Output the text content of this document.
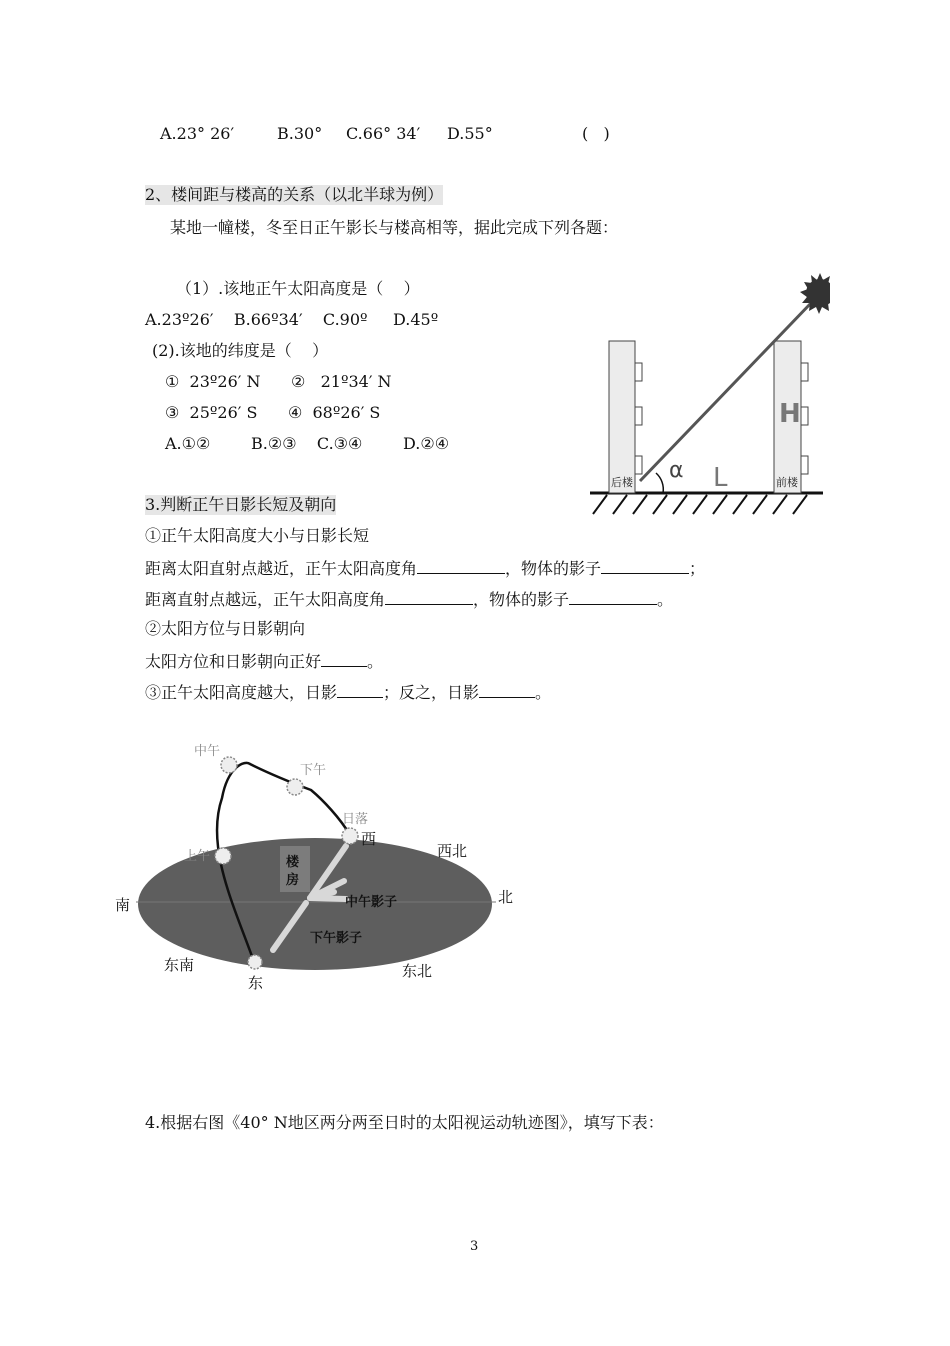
A.23° 26′	B.30° C.66° 34′ D.55°	(   )
2、楼间距与楼高的关系（以北半球为例）
某地一幢楼，冬至日正午影长与楼高相等，据此完成下列各题：
（1）.该地正午太阳高度是（    ）
A.23º26′    B.66º34′    C.90º     D.45º
(2).该地的纬度是（    ）
①  23º26′ N      ②   21º34′ N
③  25º26′ S      ④  68º26′ S
A.①②        B.②③    C.③④        D.②④
后楼
H
前楼
α L
3.判断正午日影长短及朝向
①正午太阳高度大小与日影长短
距离太阳直射点越近，正午太阳高度角	，物体的影子	；
距离直射点越远，正午太阳高度角	，物体的影子	。
②太阳方位与日影朝向
太阳方位和日影朝向正好	。
③正午太阳高度越大，日影	；反之，日影	。
楼
房
中午
下午
日落
西
西北
上午
南	北
中午影子
下午影子
东南
东
东北
4.根据右图《40° N地区两分两至日时的太阳视运动轨迹图》，填写下表：
3
